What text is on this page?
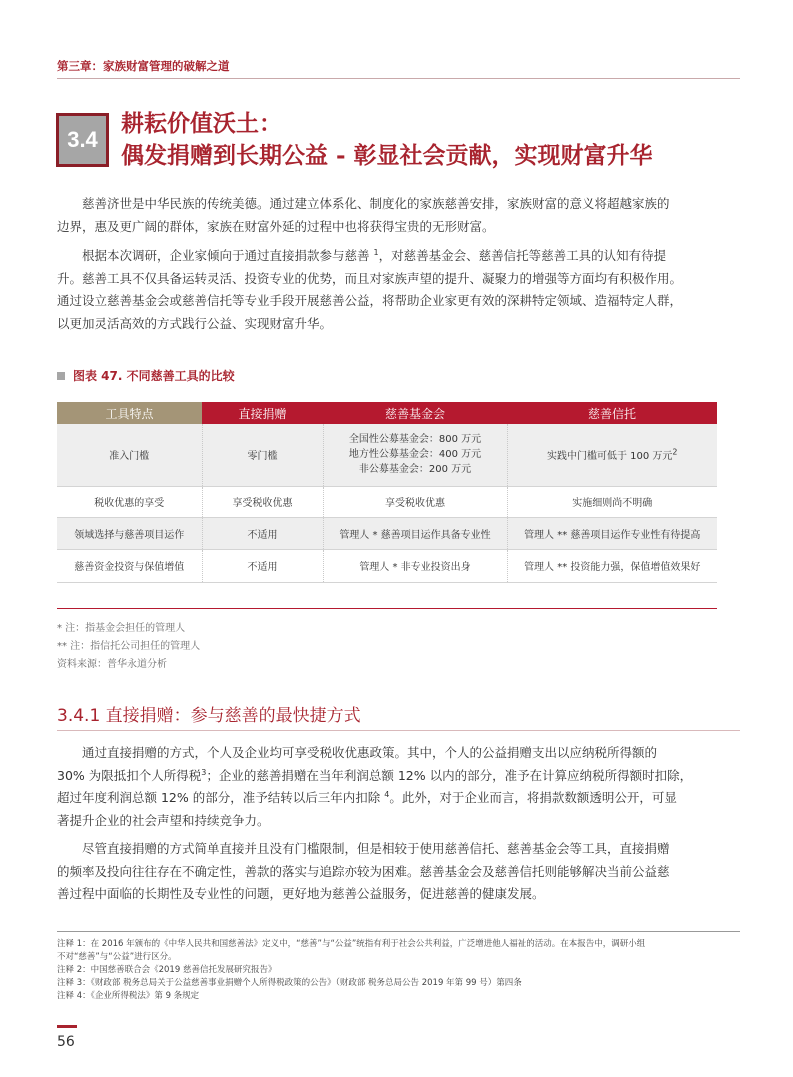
第三章：家族财富管理的破解之道
3.4
耕耘价值沃土：
偶发捐赠到长期公益 - 彰显社会贡献，实现财富升华
慈善济世是中华民族的传统美德。通过建立体系化、制度化的家族慈善安排，家族财富的意义将超越家族的
边界，惠及更广阔的群体，家族在财富外延的过程中也将获得宝贵的无形财富。
根据本次调研，企业家倾向于通过直接捐款参与慈善 $^1$，对慈善基金会、慈善信托等慈善工具的认知有待提
升。慈善工具不仅具备运转灵活、投资专业的优势，而且对家族声望的提升、凝聚力的增强等方面均有积极作用。
通过设立慈善基金会或慈善信托等专业手段开展慈善公益，将帮助企业家更有效的深耕特定领域、造福特定人群，
以更加灵活高效的方式践行公益、实现财富升华。
图表 47. 不同慈善工具的比较
工具特点	直接捐赠	慈善基金会	慈善信托
准入门槛	零门槛	全国性公募基金会：800 万元
地方性公募基金会：400 万元
非公募基金会：200 万元	实践中门槛可低于 100 万元$^2$
税收优惠的享受	享受税收优惠	享受税收优惠	实施细则尚不明确
领域选择与慈善项目运作	不适用	管理人 * 慈善项目运作具备专业性	管理人 ** 慈善项目运作专业性有待提高
慈善资金投资与保值增值	不适用	管理人 * 非专业投资出身	管理人 ** 投资能力强，保值增值效果好
* 注：指基金会担任的管理人
** 注：指信托公司担任的管理人
资料来源：普华永道分析
3.4.1 直接捐赠：参与慈善的最快捷方式
通过直接捐赠的方式，个人及企业均可享受税收优惠政策。其中，个人的公益捐赠支出以应纳税所得额的
30% 为限抵扣个人所得税$^3$；企业的慈善捐赠在当年利润总额 12% 以内的部分，准予在计算应纳税所得额时扣除，
超过年度利润总额 12% 的部分，准予结转以后三年内扣除 $^4$。此外，对于企业而言，将捐款数额透明公开，可显
著提升企业的社会声望和持续竞争力。
尽管直接捐赠的方式简单直接并且没有门槛限制，但是相较于使用慈善信托、慈善基金会等工具，直接捐赠
的频率及投向往往存在不确定性，善款的落实与追踪亦较为困难。慈善基金会及慈善信托则能够解决当前公益慈
善过程中面临的长期性及专业性的问题，更好地为慈善公益服务，促进慈善的健康发展。
注释 1：在 2016 年颁布的《中华人民共和国慈善法》定义中，“慈善”与“公益”统指有利于社会公共利益，广泛增进他人福祉的活动。在本报告中，调研小组
不对“慈善”与“公益”进行区分。
注释 2：中国慈善联合会《2019 慈善信托发展研究报告》
注释 3：《财政部 税务总局关于公益慈善事业捐赠个人所得税政策的公告》（财政部 税务总局公告 2019 年第 99 号）第四条
注释 4：《企业所得税法》第 9 条规定
56
